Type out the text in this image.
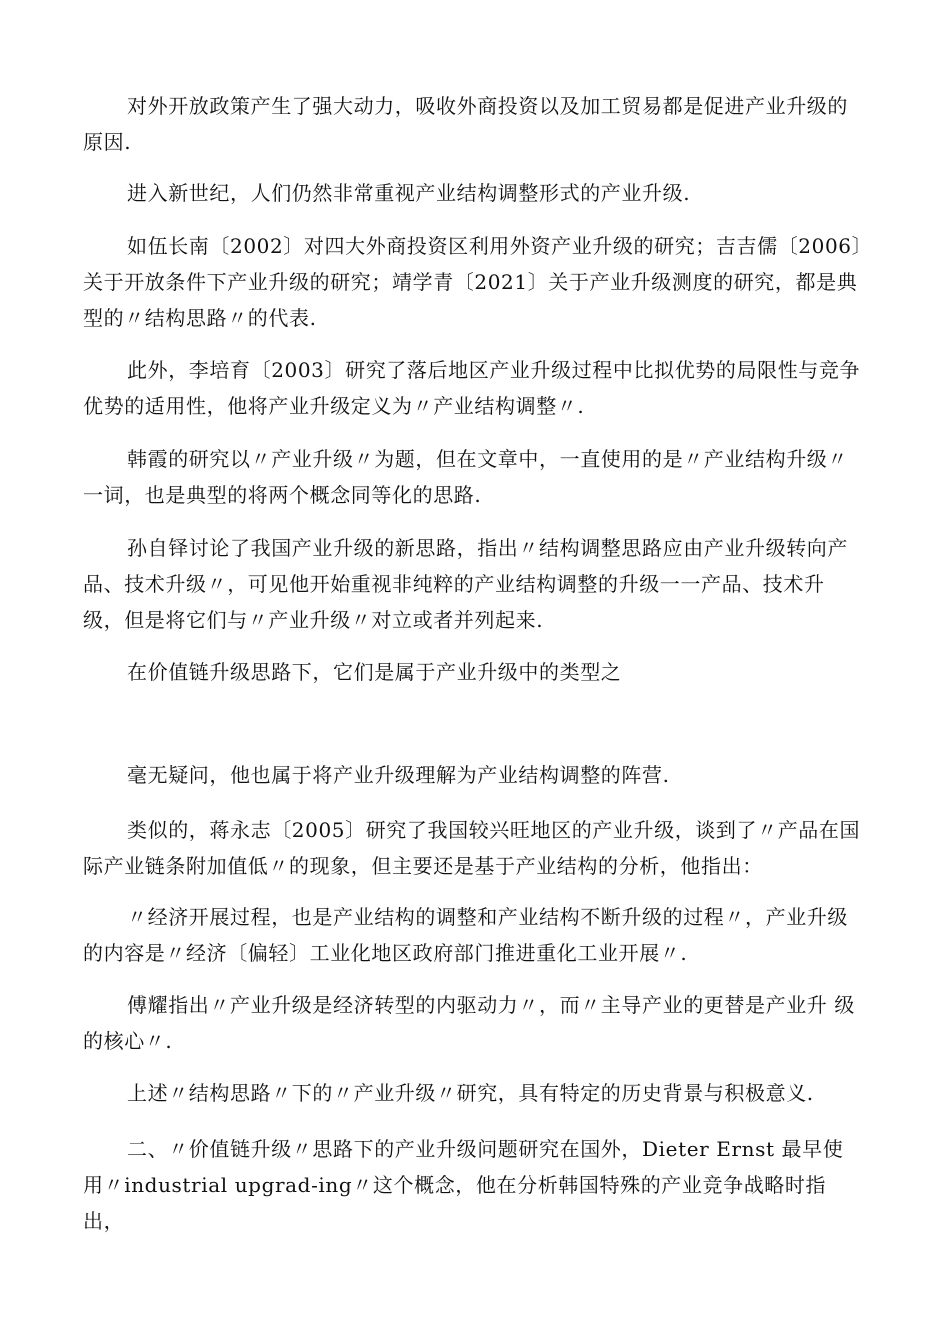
对外开放政策产生了强大动力，吸收外商投资以及加工贸易都是促进产业升级的原因.

进入新世纪，人们仍然非常重视产业结构调整形式的产业升级.

如伍长南〔2002〕对四大外商投资区利用外资产业升级的研究；吉吉儒〔2006〕关于开放条件下产业升级的研究；靖学青〔2021〕关于产业升级测度的研究，都是典型的〃结构思路〃的代表.

此外，李培育〔2003〕研究了落后地区产业升级过程中比拟优势的局限性与竞争优势的适用性，他将产业升级定义为〃产业结构调整〃.

韩霞的研究以〃产业升级〃为题，但在文章中，一直使用的是〃产业结构升级〃一词，也是典型的将两个概念同等化的思路.

孙自铎讨论了我国产业升级的新思路，指出〃结构调整思路应由产业升级转向产品、技术升级〃，可见他开始重视非纯粹的产业结构调整的升级一一产品、技术升级，但是将它们与〃产业升级〃对立或者并列起来.

在价值链升级思路下，它们是属于产业升级中的类型之

毫无疑问，他也属于将产业升级理解为产业结构调整的阵营.

类似的，蒋永志〔2005〕研究了我国较兴旺地区的产业升级，谈到了〃产品在国际产业链条附加值低〃的现象，但主要还是基于产业结构的分析，他指出：

〃经济开展过程，也是产业结构的调整和产业结构不断升级的过程〃，产业升级的内容是〃经济〔偏轻〕工业化地区政府部门推进重化工业开展〃.

傅耀指出〃产业升级是经济转型的内驱动力〃，而〃主导产业的更替是产业升 级的核心〃.

上述〃结构思路〃下的〃产业升级〃研究，具有特定的历史背景与积极意义.

二、〃价值链升级〃思路下的产业升级问题研究在国外，Dieter Ernst 最早使 用〃industrial upgrad-ing〃这个概念，他在分析韩国特殊的产业竞争战略时指出，
